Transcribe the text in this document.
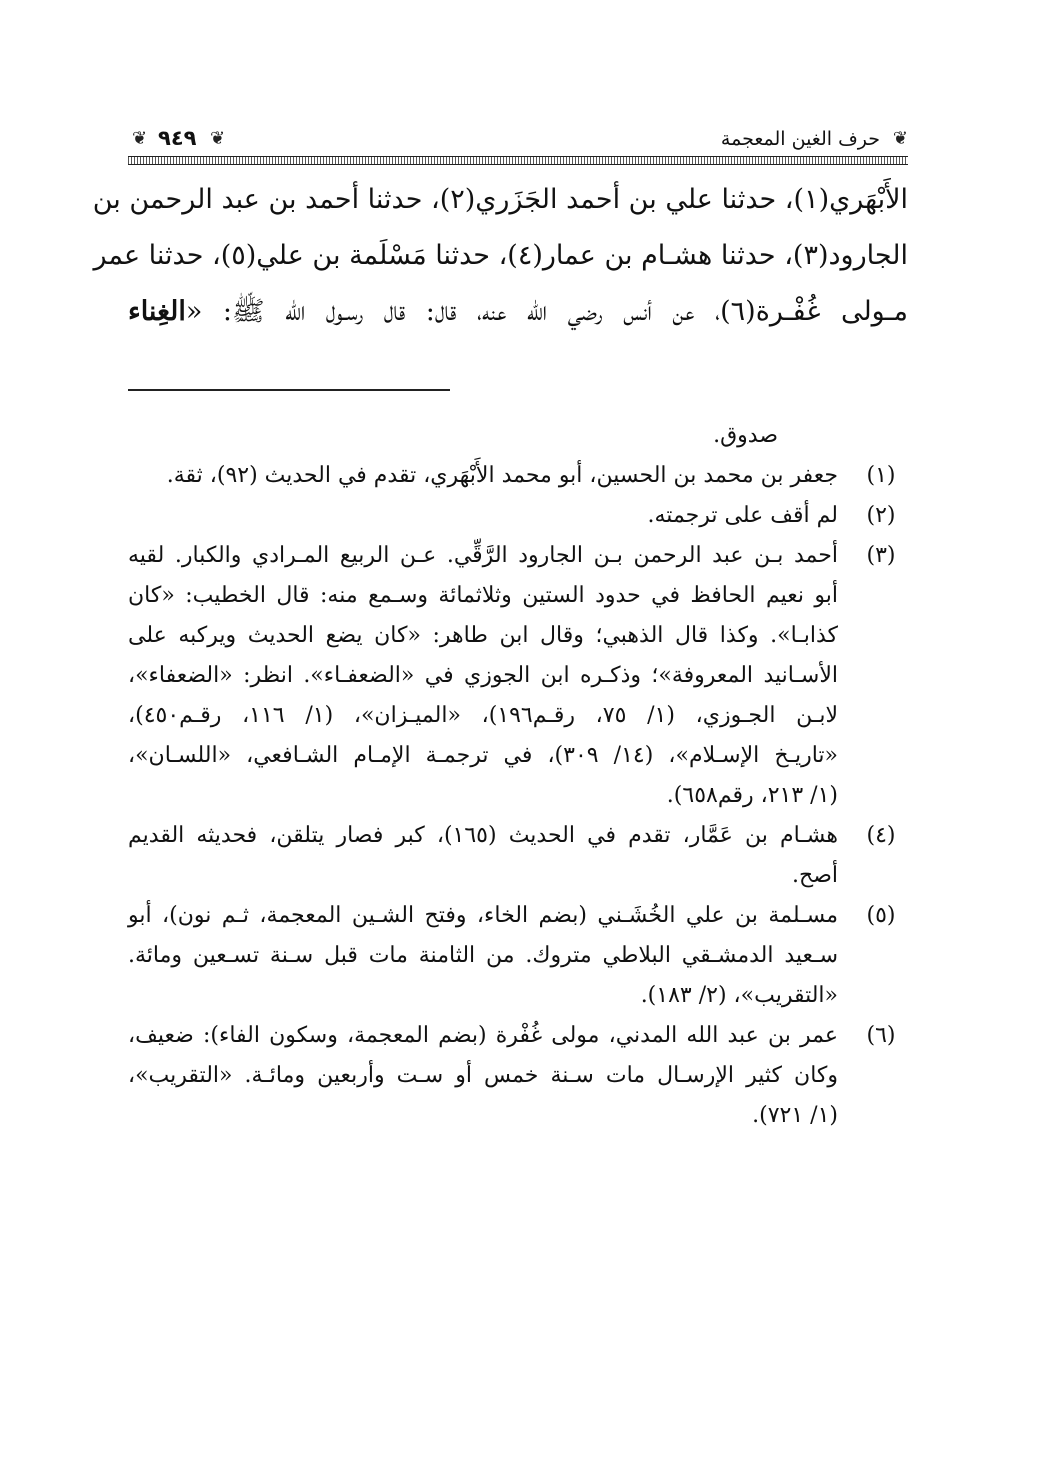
❦
حرف الغين المعجمة
❦
٩٤٩
❦
الأَبْهَري(١)، حدثنا علي بن أحمد الجَزَري(٢)، حدثنا أحمد بن عبد الرحمن بن
الجارود(٣)، حدثنا هشـام بن عمار(٤)، حدثنا مَسْلَمة بن علي(٥)، حدثنا عمر
مـولى غُفْـرة(٦)، عن أنس رضي الله عنه، قال: قال رسـول الله ﷺ: «الغِناء
صدوق.
(١)
جعفر بن محمد بن الحسين، أبو محمد الأَبْهَري، تقدم في الحديث (٩٢)، ثقة.
(٢)
لم أقف على ترجمته.
(٣)
أحمد بـن عبد الرحمن بـن الجارود الرَّقِّي. عـن الربيع المـرادي والكبار. لقيه
أبو نعيم الحافظ في حدود الستين وثلاثمائة وسـمع منه: قال الخطيب: «كان
كذابـا». وكذا قال الذهبي؛ وقال ابن طاهر: «كان يضع الحديث ويركبه على
الأسـانيد المعروفة»؛ وذكـره ابن الجوزي في «الضعفـاء». انظر: «الضعفاء»،
لابـن الجـوزي، (١/ ٧٥، رقـم١٩٦)، «الميـزان»، (١/ ١١٦، رقـم٤٥٠)،
«تاريـخ الإسـلام»، (١٤/ ٣٠٩)، في ترجمـة الإمـام الشـافعي، «اللسـان»،
(١/ ٢١٣، رقم٦٥٨).
(٤)
هشـام بن عَمَّار، تقدم في الحديث (١٦٥)، كبر فصار يتلقن، فحديثه القديم
أصح.
(٥)
مسـلمة بن علي الخُشَـني (بضم الخاء، وفتح الشـين المعجمة، ثـم نون)، أبو
سـعيد الدمشـقي البلاطي متروك. من الثامنة مات قبل سـنة تسـعين ومائة.
«التقريب»، (٢/ ١٨٣).
(٦)
عمر بن عبد الله المدني، مولى غُفْرة (بضم المعجمة، وسكون الفاء): ضعيف،
وكان كثير الإرسـال مات سـنة خمس أو سـت وأربعين ومائـة. «التقريب»،
(١/ ٧٢١).
